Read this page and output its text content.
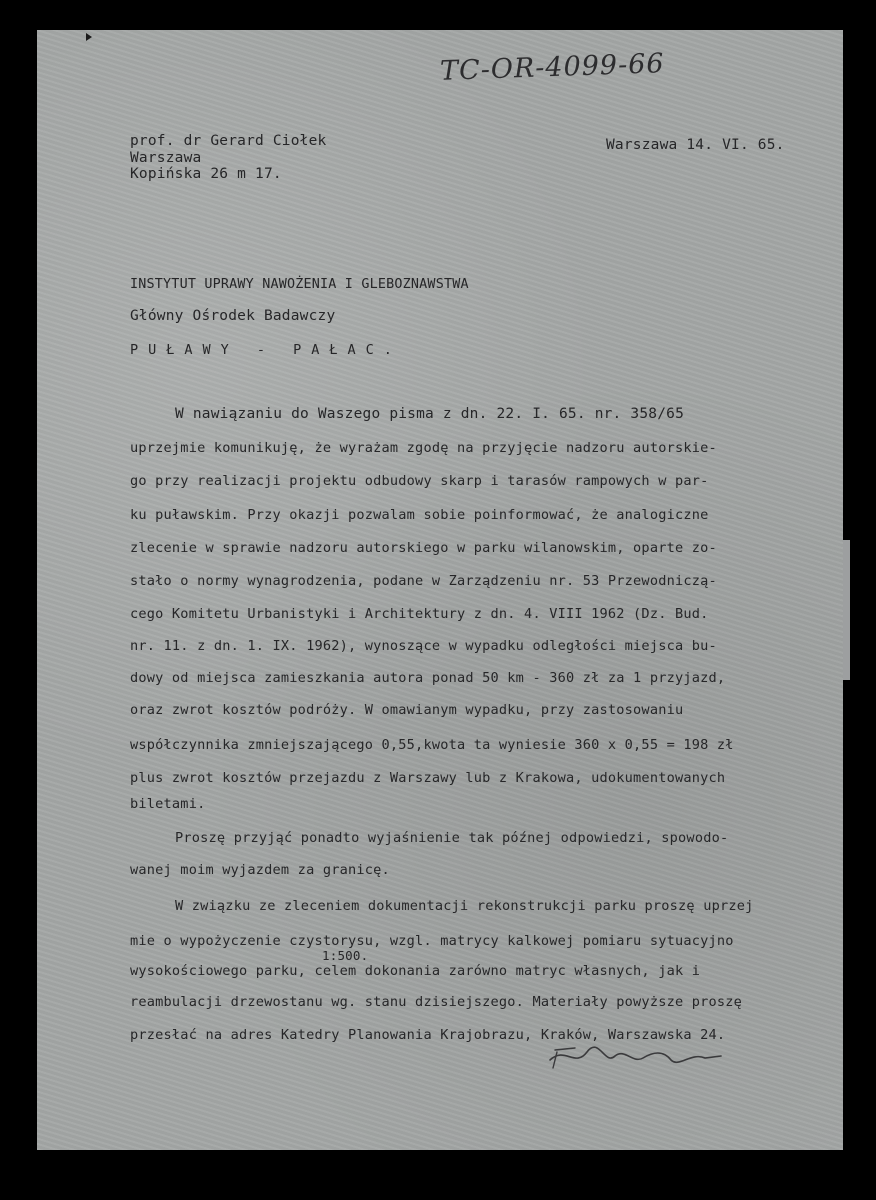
TC-OR-4099-66
prof. dr Gerard Ciołek
Warszawa
Kopińska 26 m 17.
Warszawa 14. VI. 65.
INSTYTUT UPRAWY NAWOŻENIA I GLEBOZNAWSTWA
Główny Ośrodek Badawczy
PUŁAWY - PAŁAC.
W nawiązaniu do Waszego pisma z dn. 22. I. 65. nr. 358/65
uprzejmie komunikuję, że wyrażam zgodę na przyjęcie nadzoru autorskie-
go przy realizacji projektu odbudowy skarp i tarasów rampowych w par-
ku puławskim. Przy okazji pozwalam sobie poinformować, że analogiczne
zlecenie w sprawie nadzoru autorskiego w parku wilanowskim, oparte zo-
stało o normy wynagrodzenia, podane w Zarządzeniu nr. 53 Przewodniczą-
cego Komitetu Urbanistyki i Architektury z dn. 4. VIII 1962 (Dz. Bud.
nr. 11. z dn. 1. IX. 1962), wynoszące w wypadku odległości miejsca bu-
dowy od miejsca zamieszkania autora ponad 50 km - 360 zł za 1 przyjazd,
oraz zwrot kosztów podróży. W omawianym wypadku, przy zastosowaniu
współczynnika zmniejszającego 0,55,kwota ta wyniesie 360 x 0,55 = 198 zł
plus zwrot kosztów przejazdu z Warszawy lub z Krakowa, udokumentowanych
biletami.
Proszę przyjąć ponadto wyjaśnienie tak późnej odpowiedzi, spowodo-
wanej moim wyjazdem za granicę.
W związku ze zleceniem dokumentacji rekonstrukcji parku proszę uprzej
mie o wypożyczenie czystorysu, wzgl. matrycy kalkowej pomiaru sytuacyjno
1:500.
wysokościowego parku, celem dokonania zarówno matryc własnych, jak i
reambulacji drzewostanu wg. stanu dzisiejszego. Materiały powyższe proszę
przesłać na adres Katedry Planowania Krajobrazu, Kraków, Warszawska 24.
